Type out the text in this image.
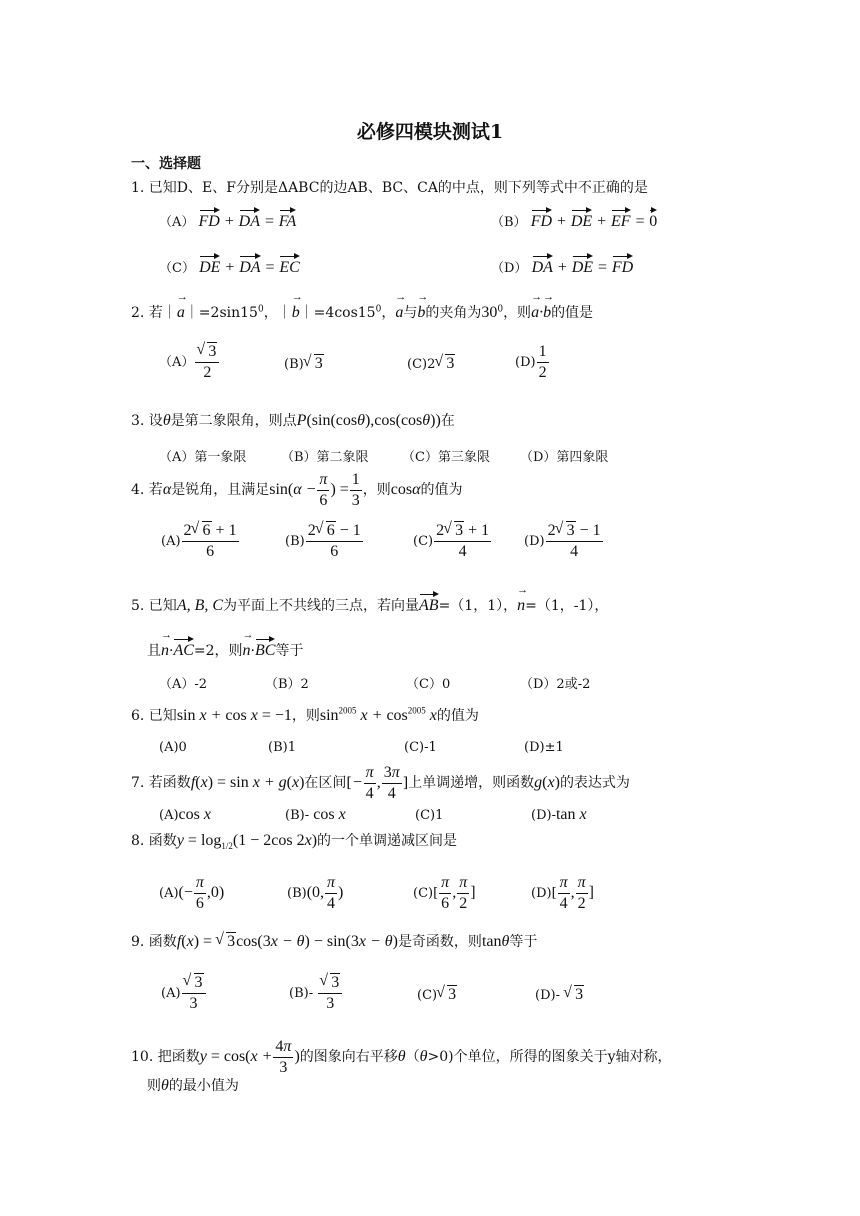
必修四模块测试1
一、选择题
1. 已知D、E、F分别是ΔABC的边AB、BC、CA的中点，则下列等式中不正确的是
（A） FD + DA = FA	（B） FD + DE + EF = 0
（C） DE + DA = EC	（D） DA + DE = FD
2. 若｜a $\to|=2\sin 15^0$，｜b $\to|=4\cos 15^0$，a →与b →的夹角为$30^0$，则a →·b →的值是
（A） √ $\frac{3}{2}$	(B) √ 3	(C)2 √ 3	$(D) \frac{1}{2}$
3. 设θ是第二象限角，则点P(sin(cosθ),cos(cosθ))在
（A）第一象限	（B）第二象限	（C）第三象限 （D）第四象限
4. 若α是锐角，且满足$\sin(\alpha - \frac{\pi}{6}$ ) = $\frac{1}{3}$ ，则cosα的值为
$(A) \frac{2 √ 6 + 1}{6}$	$(B) \frac{2 √ 6 - 1}{6}$	$(C) \frac{2 √ 3 + 1}{4}$	$(D) \frac{2 √ 3 - 1}{4}$
5. 已知A, B, C为平面上不共线的三点，若向量AB=（1，1），n →=（1，-1），
且n →·AC=2，则n →·BC等于
（A）-2	（B）2	（C）0	（D）2或-2
6. 已知sin x + cos x = −1，则$\sin^{2005} x + \cos^{2005} x$的值为
(A)0	(B)1	(C)-1	(D)±1
7. 若函数f(x) = sin x + g(x)在区间[− $\frac{\pi}{4}$ , $\frac{3\pi}{4}$ ]上单调递增，则函数g(x)的表达式为
(A)cos x	(B)- cos x	(C)1	(D)-tan x
8. 函数$y = \log_{1/2}(1 - 2\cos$ 2x)的一个单调递减区间是
$(A)(- \frac{\pi}{6} ,0)$	(B)(0, $\frac{\pi}{4}$ )	$(C)[ \frac{\pi}{6}$ , $\frac{\pi}{2}$ ]	$(D)[ \frac{\pi}{4}$ , $\frac{\pi}{2}$ ]
9. 函数f(x) = √ 3cos(3x − θ) − sin(3x − θ)是奇函数，则tanθ等于
(A) √ $\frac{3}{3}$	(B)- √ $\frac{3}{3}$	(C) √ 3	(D)- √ 3
10. 把函数$y = \cos(x + \frac{4\pi}{3}$ )的图象向右平移θ（θ>0)个单位，所得的图象关于y轴对称，
则θ的最小值为
